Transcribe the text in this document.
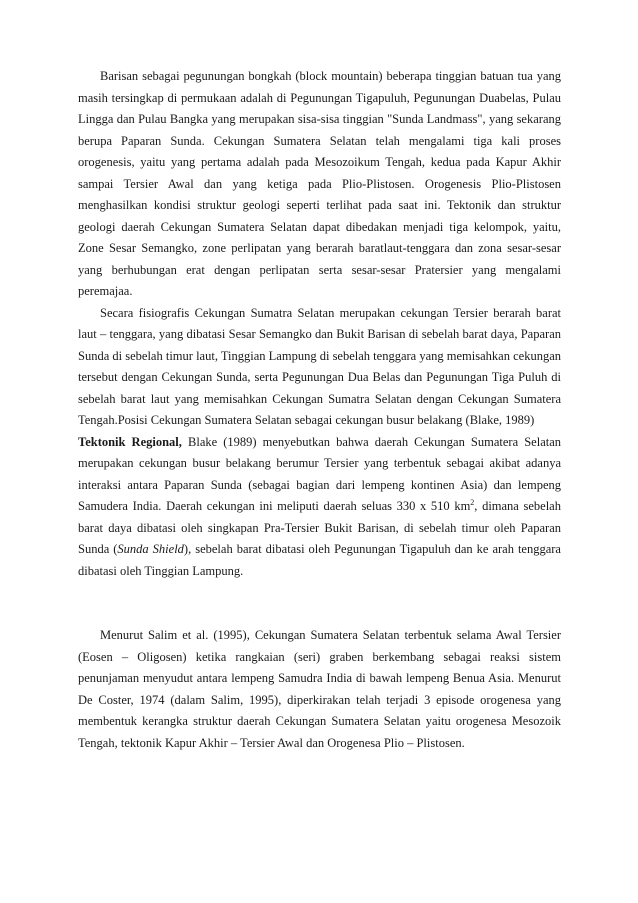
Barisan sebagai pegunungan bongkah (block mountain) beberapa tinggian batuan tua yang masih tersingkap di permukaan adalah di Pegunungan Tigapuluh, Pegunungan Duabelas, Pulau Lingga dan Pulau Bangka yang merupakan sisa-sisa tinggian "Sunda Landmass", yang sekarang berupa Paparan Sunda. Cekungan Sumatera Selatan telah mengalami tiga kali proses orogenesis, yaitu yang pertama adalah pada Mesozoikum Tengah, kedua pada Kapur Akhir sampai Tersier Awal dan yang ketiga pada Plio-Plistosen. Orogenesis Plio-Plistosen menghasilkan kondisi struktur geologi seperti terlihat pada saat ini. Tektonik dan struktur geologi daerah Cekungan Sumatera Selatan dapat dibedakan menjadi tiga kelompok, yaitu, Zone Sesar Semangko, zone perlipatan yang berarah baratlaut-tenggara dan zona sesar-sesar yang berhubungan erat dengan perlipatan serta sesar-sesar Pratersier yang mengalami peremajaa.

Secara fisiografis Cekungan Sumatra Selatan merupakan cekungan Tersier berarah barat laut – tenggara, yang dibatasi Sesar Semangko dan Bukit Barisan di sebelah barat daya, Paparan Sunda di sebelah timur laut, Tinggian Lampung di sebelah tenggara yang memisahkan cekungan tersebut dengan Cekungan Sunda, serta Pegunungan Dua Belas dan Pegunungan Tiga Puluh di sebelah barat laut yang memisahkan Cekungan Sumatra Selatan dengan Cekungan Sumatera Tengah.Posisi Cekungan Sumatera Selatan sebagai cekungan busur belakang (Blake, 1989)

Tektonik Regional, Blake (1989) menyebutkan bahwa daerah Cekungan Sumatera Selatan merupakan cekungan busur belakang berumur Tersier yang terbentuk sebagai akibat adanya interaksi antara Paparan Sunda (sebagai bagian dari lempeng kontinen Asia) dan lempeng Samudera India. Daerah cekungan ini meliputi daerah seluas 330 x 510 $km^2$, dimana sebelah barat daya dibatasi oleh singkapan Pra-Tersier Bukit Barisan, di sebelah timur oleh Paparan Sunda (Sunda Shield), sebelah barat dibatasi oleh Pegunungan Tigapuluh dan ke arah tenggara dibatasi oleh Tinggian Lampung.

Menurut Salim et al. (1995), Cekungan Sumatera Selatan terbentuk selama Awal Tersier (Eosen – Oligosen) ketika rangkaian (seri) graben berkembang sebagai reaksi sistem penunjaman menyudut antara lempeng Samudra India di bawah lempeng Benua Asia. Menurut De Coster, 1974 (dalam Salim, 1995), diperkirakan telah terjadi 3 episode orogenesa yang membentuk kerangka struktur daerah Cekungan Sumatera Selatan yaitu orogenesa Mesozoik Tengah, tektonik Kapur Akhir – Tersier Awal dan Orogenesa Plio – Plistosen.
